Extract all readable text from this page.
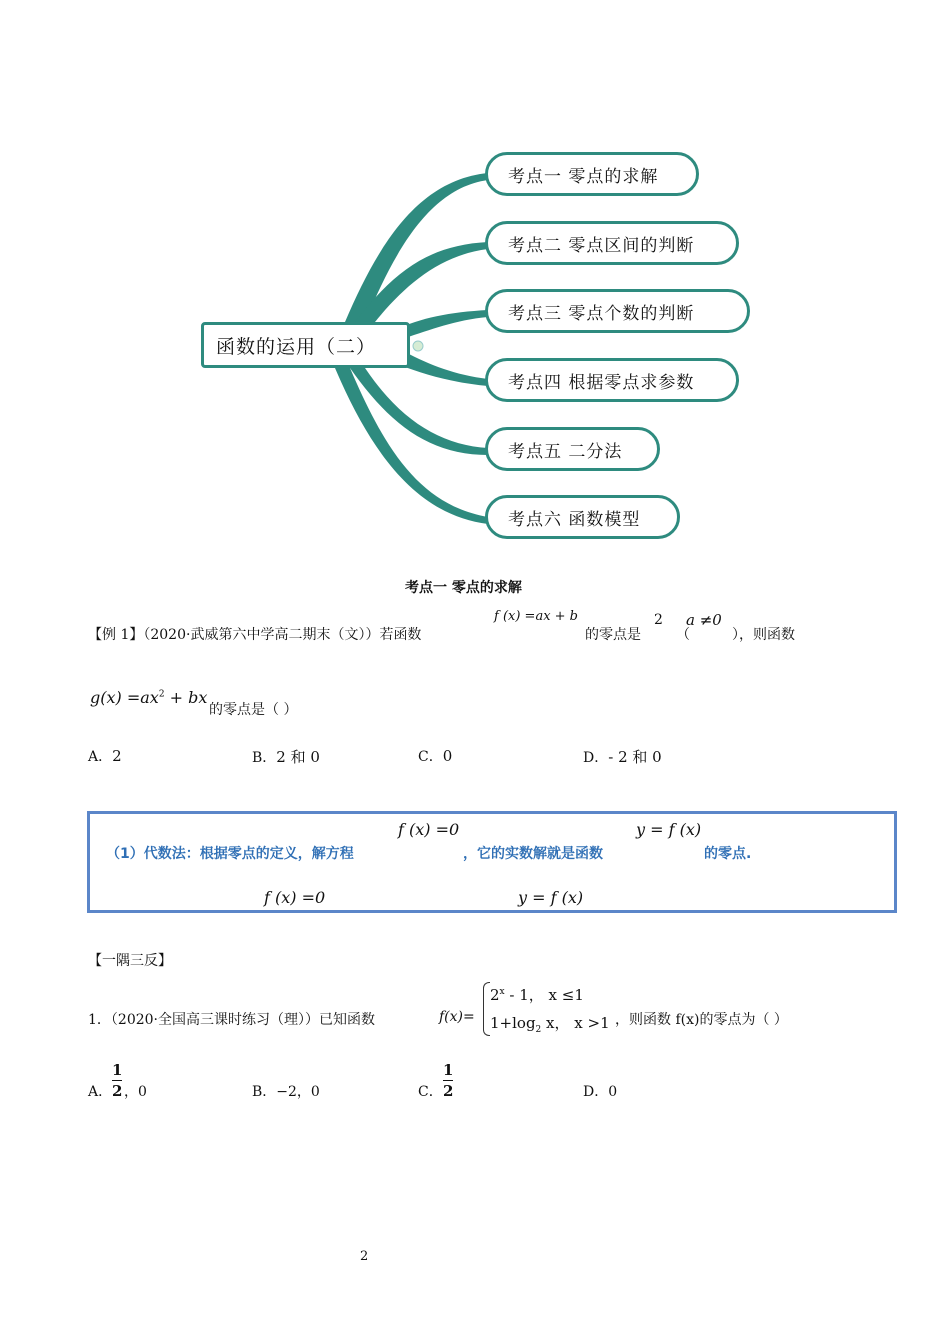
函数的运用（二）
考点一 零点的求解
考点二 零点区间的判断
考点三 零点个数的判断
考点四 根据零点求参数
考点五 二分法
考点六 函数模型
考点一 零点的求解
【例 1】（2020·武威第六中学高二期末（文））若函数
f (x) =ax + b
的零点是
2
（
a ≠0
），则函数
$g(x) =ax^2$ + bx
的零点是（ ）
A．2	B．2 和 0	C．0	D．- 2 和 0
f (x) =0	y = f (x)
（1）代数法：根据零点的定义，解方程	，它的实数解就是函数	的零点.
f (x) =0	y = f (x)
【一隅三反】
1．（2020·全国高三课时练习（理））已知函数	f(x)=
$2^x - 1$， x ≤1
$1+\log_2$ x， x >1 ，则函数 f(x)的零点为（ ）
A．
1
2 ，0	B．−2，0	C．
1
2	D．0
2
